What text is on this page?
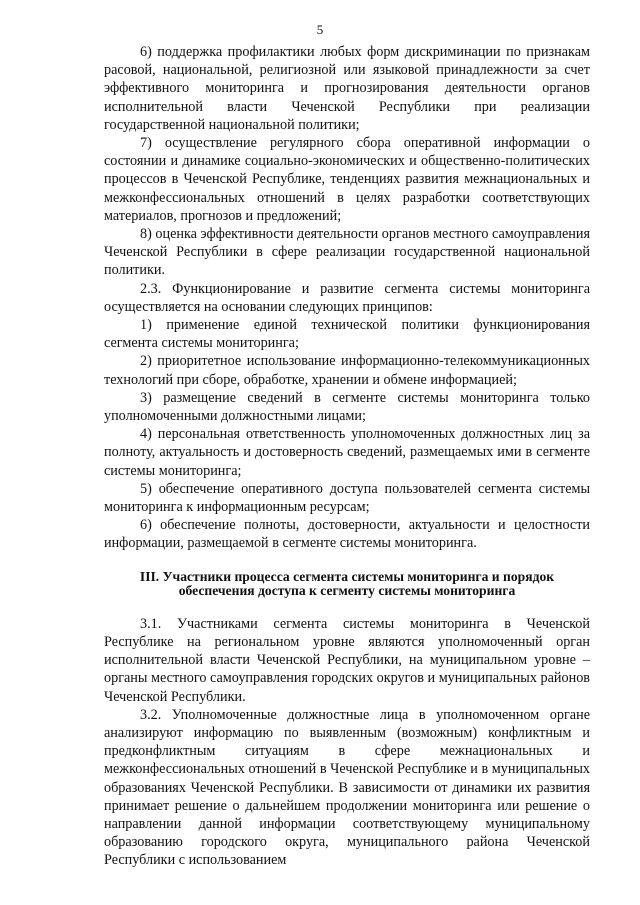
5

6) поддержка профилактики любых форм дискриминации по признакам расовой, национальной, религиозной или языковой принадлежности за счет эффективного мониторинга и прогнозирования деятельности органов исполнительной власти Чеченской Республики при реализации государственной национальной политики;

7) осуществление регулярного сбора оперативной информации о состоянии и динамике социально-экономических и общественно-политических процессов в Чеченской Республике, тенденциях развития межнациональных и межконфессиональных отношений в целях разработки соответствующих материалов, прогнозов и предложений;

8) оценка эффективности деятельности органов местного самоуправления Чеченской Республики в сфере реализации государственной национальной политики.

2.3. Функционирование и развитие сегмента системы мониторинга осуществляется на основании следующих принципов:

1) применение единой технической политики функционирования сегмента системы мониторинга;

2) приоритетное использование информационно-телекоммуникационных технологий при сборе, обработке, хранении и обмене информацией;

3) размещение сведений в сегменте системы мониторинга только уполномоченными должностными лицами;

4) персональная ответственность уполномоченных должностных лиц за полноту, актуальность и достоверность сведений, размещаемых ими в сегменте системы мониторинга;

5) обеспечение оперативного доступа пользователей сегмента системы мониторинга к информационным ресурсам;

6) обеспечение полноты, достоверности, актуальности и целостности информации, размещаемой в сегменте системы мониторинга.

III. Участники процесса сегмента системы мониторинга и порядок
обеспечения доступа к сегменту системы мониторинга

3.1. Участниками сегмента системы мониторинга в Чеченской Республике на региональном уровне являются уполномоченный орган исполнительной власти Чеченской Республики, на муниципальном уровне – органы местного самоуправления городских округов и муниципальных районов Чеченской Республики.

3.2. Уполномоченные должностные лица в уполномоченном органе анализируют информацию по выявленным (возможным) конфликтным и предконфликтным ситуациям в сфере межнациональных и межконфессиональных отношений в Чеченской Республике и в муниципальных образованиях Чеченской Республики. В зависимости от динамики их развития принимает решение о дальнейшем продолжении мониторинга или решение о направлении данной информации соответствующему муниципальному образованию городского округа, муниципального района Чеченской Республики с использованием
